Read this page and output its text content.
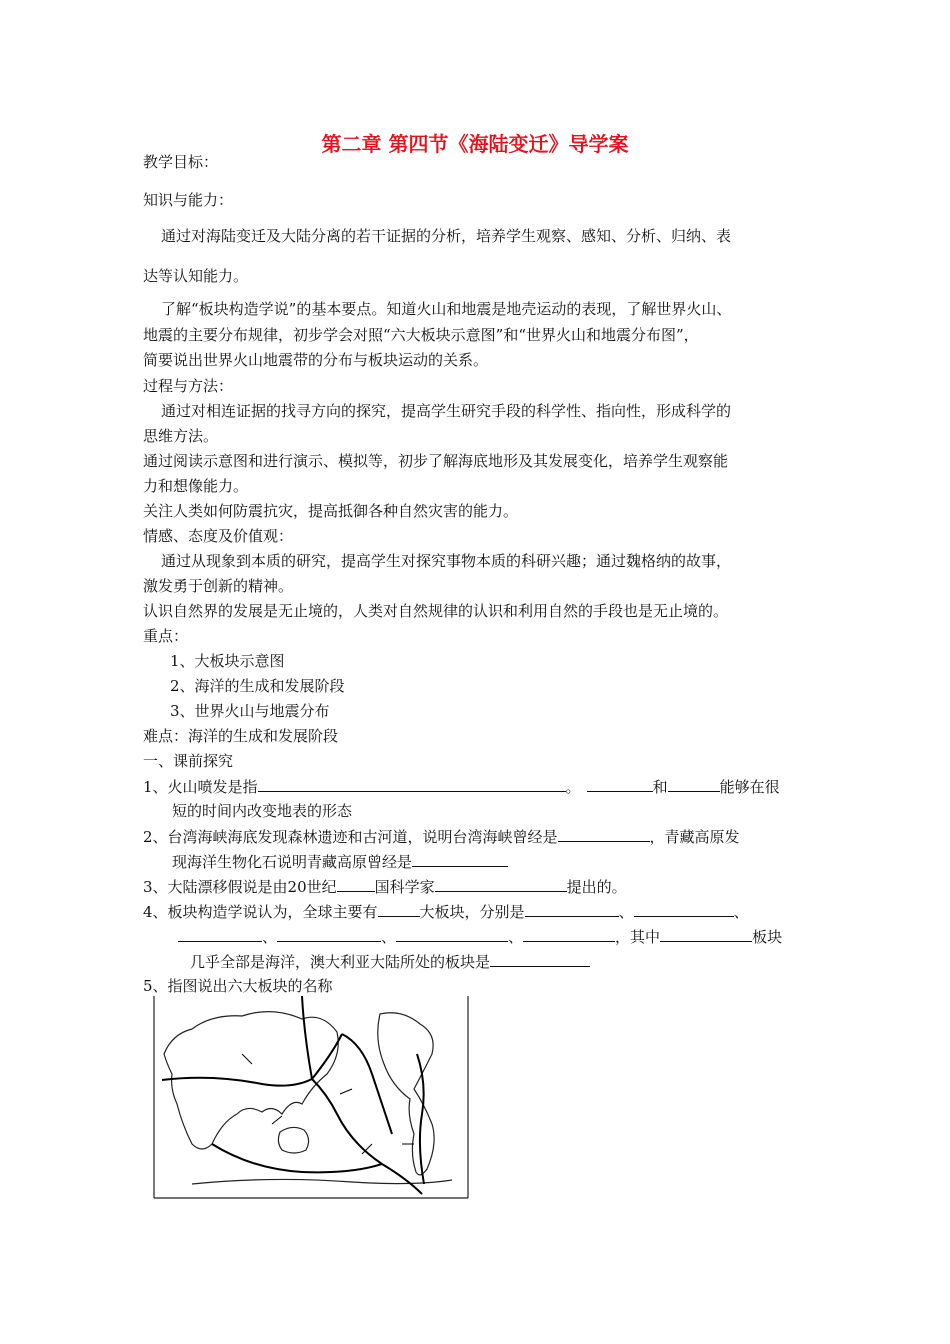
第二章 第四节《海陆变迁》导学案
教学目标：
知识与能力：
通过对海陆变迁及大陆分离的若干证据的分析，培养学生观察、感知、分析、归纳、表
达等认知能力。
了解“板块构造学说”的基本要点。知道火山和地震是地壳运动的表现，了解世界火山、
地震的主要分布规律，初步学会对照“六大板块示意图”和“世界火山和地震分布图”，
简要说出世界火山地震带的分布与板块运动的关系。
过程与方法：
通过对相连证据的找寻方向的探究，提高学生研究手段的科学性、指向性，形成科学的
思维方法。
通过阅读示意图和进行演示、模拟等，初步了解海底地形及其发展变化，培养学生观察能
力和想像能力。
关注人类如何防震抗灾，提高抵御各种自然灾害的能力。
情感、态度及价值观：
通过从现象到本质的研究，提高学生对探究事物本质的科研兴趣；通过魏格纳的故事，
激发勇于创新的精神。
认识自然界的发展是无止境的，人类对自然规律的认识和利用自然的手段也是无止境的。
重点：
1、大板块示意图
2、海洋的生成和发展阶段
3、世界火山与地震分布
难点：海洋的生成和发展阶段
一、课前探究
1、火山喷发是指	。	和	能够在很
短的时间内改变地表的形态
2、台湾海峡海底发现森林遗迹和古河道，说明台湾海峡曾经是	，青藏高原发
现海洋生物化石说明青藏高原曾经是
3、大陆漂移假说是由20世纪	国科学家	提出的。
4、板块构造学说认为，全球主要有	大板块，分别是	、	、
、	、	、	，其中	板块
几乎全部是海洋，澳大利亚大陆所处的板块是
5、指图说出六大板块的名称
